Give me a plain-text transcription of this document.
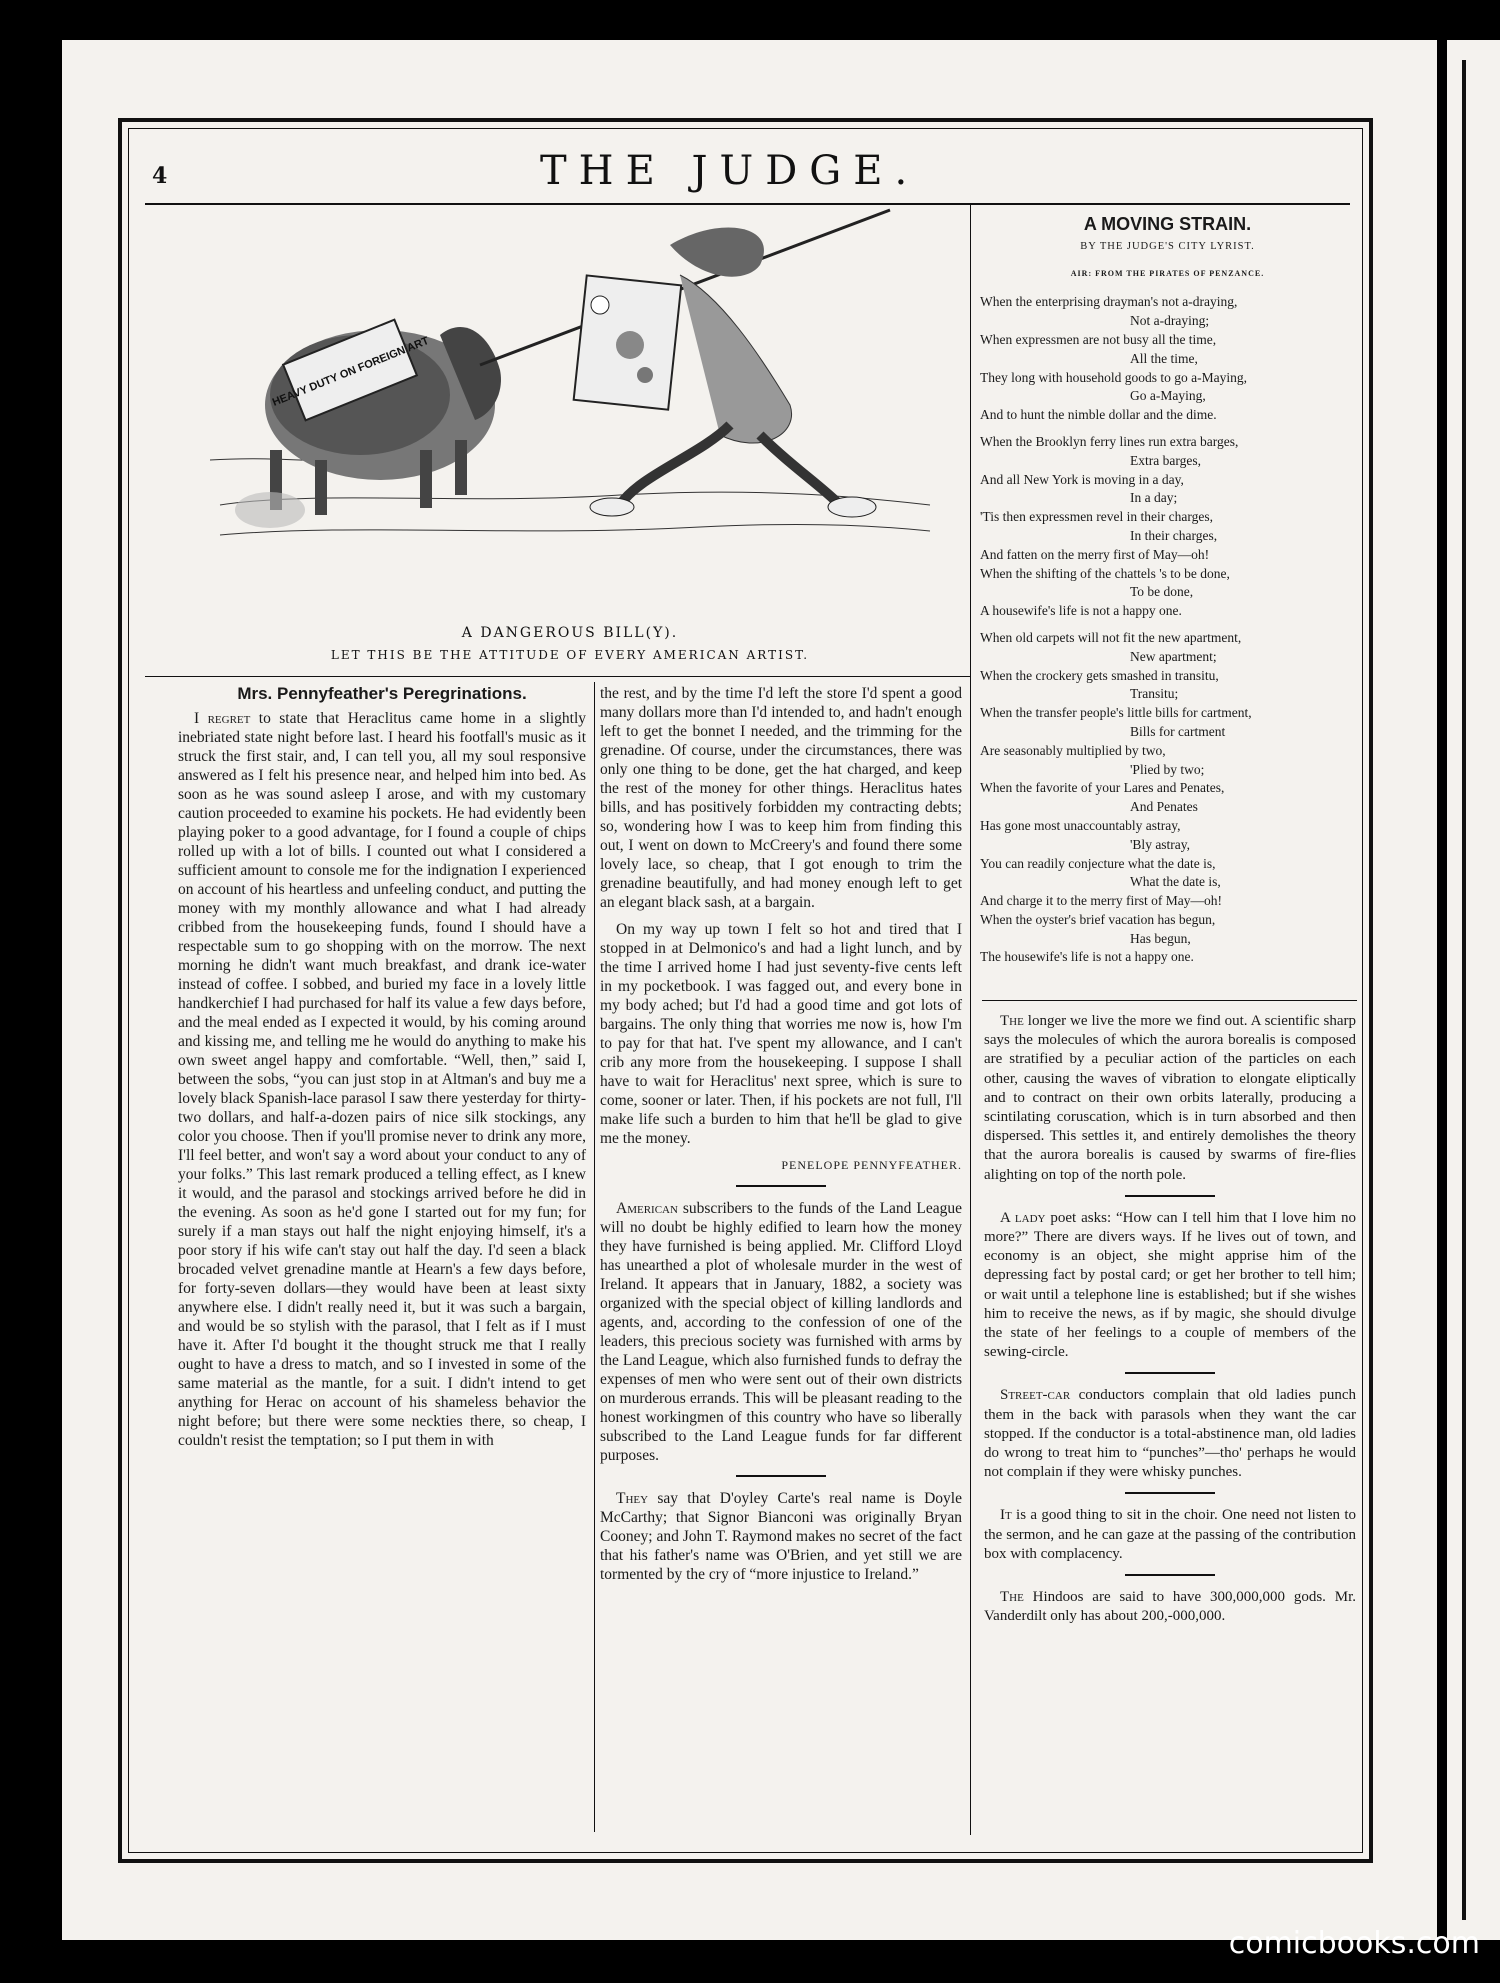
4	THE JUDGE.
HEAVY DUTY ON FOREIGN ART
A DANGEROUS BILL(Y).
LET THIS BE THE ATTITUDE OF EVERY AMERICAN ARTIST.
Mrs. Pennyfeather's Peregrinations.

I regret to state that Heraclitus came home in a slightly inebriated state night before last. I heard his footfall's music as it struck the first stair, and, I can tell you, all my soul responsive answered as I felt his presence near, and helped him into bed. As soon as he was sound asleep I arose, and with my customary caution proceeded to examine his pockets. He had evidently been playing poker to a good advantage, for I found a couple of chips rolled up with a lot of bills. I counted out what I considered a sufficient amount to console me for the indignation I experienced on account of his heartless and unfeeling conduct, and putting the money with my monthly allowance and what I had already cribbed from the housekeeping funds, found I should have a respectable sum to go shopping with on the morrow. The next morning he didn't want much breakfast, and drank ice-water instead of coffee. I sobbed, and buried my face in a lovely little handkerchief I had purchased for half its value a few days before, and the meal ended as I expected it would, by his coming around and kissing me, and telling me he would do anything to make his own sweet angel happy and comfortable. “Well, then,” said I, between the sobs, “you can just stop in at Altman's and buy me a lovely black Spanish-lace parasol I saw there yesterday for thirty-two dollars, and half-a-dozen pairs of nice silk stockings, any color you choose. Then if you'll promise never to drink any more, I'll feel better, and won't say a word about your conduct to any of your folks.” This last remark produced a telling effect, as I knew it would, and the parasol and stockings arrived before he did in the evening. As soon as he'd gone I started out for my fun; for surely if a man stays out half the night enjoying himself, it's a poor story if his wife can't stay out half the day. I'd seen a black brocaded velvet grenadine mantle at Hearn's a few days before, for forty-seven dollars—they would have been at least sixty anywhere else. I didn't really need it, but it was such a bargain, and would be so stylish with the parasol, that I felt as if I must have it. After I'd bought it the thought struck me that I really ought to have a dress to match, and so I invested in some of the same material as the mantle, for a suit. I didn't intend to get anything for Herac on account of his shameless behavior the night before; but there were some neckties there, so cheap, I couldn't resist the temptation; so I put them in with

the rest, and by the time I'd left the store I'd spent a good many dollars more than I'd intended to, and hadn't enough left to get the bonnet I needed, and the trimming for the grenadine. Of course, under the circumstances, there was only one thing to be done, get the hat charged, and keep the rest of the money for other things. Heraclitus hates bills, and has positively forbidden my contracting debts; so, wondering how I was to keep him from finding this out, I went on down to McCreery's and found there some lovely lace, so cheap, that I got enough to trim the grenadine beautifully, and had money enough left to get an elegant black sash, at a bargain.

On my way up town I felt so hot and tired that I stopped in at Delmonico's and had a light lunch, and by the time I arrived home I had just seventy-five cents left in my pocketbook. I was fagged out, and every bone in my body ached; but I'd had a good time and got lots of bargains. The only thing that worries me now is, how I'm to pay for that hat. I've spent my allowance, and I can't crib any more from the housekeeping. I suppose I shall have to wait for Heraclitus' next spree, which is sure to come, sooner or later. Then, if his pockets are not full, I'll make life such a burden to him that he'll be glad to give me the money.

PENELOPE PENNYFEATHER.

American subscribers to the funds of the Land League will no doubt be highly edified to learn how the money they have furnished is being applied. Mr. Clifford Lloyd has unearthed a plot of wholesale murder in the west of Ireland. It appears that in January, 1882, a society was organized with the special object of killing landlords and agents, and, according to the confession of one of the leaders, this precious society was furnished with arms by the Land League, which also furnished funds to defray the expenses of men who were sent out of their own districts on murderous errands. This will be pleasant reading to the honest workingmen of this country who have so liberally subscribed to the Land League funds for far different purposes.

They say that D'oyley Carte's real name is Doyle McCarthy; that Signor Bianconi was originally Bryan Cooney; and John T. Raymond makes no secret of the fact that his father's name was O'Brien, and yet still we are tormented by the cry of “more injustice to Ireland.”

A MOVING STRAIN.
BY THE JUDGE'S CITY LYRIST.
AIR: FROM THE PIRATES OF PENZANCE.
When the enterprising drayman's not a-draying,
Not a-draying;
When expressmen are not busy all the time,
All the time,
They long with household goods to go a-Maying,
Go a-Maying,
And to hunt the nimble dollar and the dime.
When the Brooklyn ferry lines run extra barges,
Extra barges,
And all New York is moving in a day,
In a day;
'Tis then expressmen revel in their charges,
In their charges,
And fatten on the merry first of May—oh!
When the shifting of the chattels 's to be done,
To be done,
A housewife's life is not a happy one.
When old carpets will not fit the new apartment,
New apartment;
When the crockery gets smashed in transitu,
Transitu;
When the transfer people's little bills for cartment,
Bills for cartment
Are seasonably multiplied by two,
'Plied by two;
When the favorite of your Lares and Penates,
And Penates
Has gone most unaccountably astray,
'Bly astray,
You can readily conjecture what the date is,
What the date is,
And charge it to the merry first of May—oh!
When the oyster's brief vacation has begun,
Has begun,
The housewife's life is not a happy one.

The longer we live the more we find out. A scientific sharp says the molecules of which the aurora borealis is composed are stratified by a peculiar action of the particles on each other, causing the waves of vibration to elongate eliptically and to contract on their own orbits laterally, producing a scintilating coruscation, which is in turn absorbed and then dispersed. This settles it, and entirely demolishes the theory that the aurora borealis is caused by swarms of fire-flies alighting on top of the north pole.

A lady poet asks: “How can I tell him that I love him no more?” There are divers ways. If he lives out of town, and economy is an object, she might apprise him of the depressing fact by postal card; or get her brother to tell him; or wait until a telephone line is established; but if she wishes him to receive the news, as if by magic, she should divulge the state of her feelings to a couple of members of the sewing-circle.

Street-car conductors complain that old ladies punch them in the back with parasols when they want the car stopped. If the conductor is a total-abstinence man, old ladies do wrong to treat him to “punches”—tho' perhaps he would not complain if they were whisky punches.

It is a good thing to sit in the choir. One need not listen to the sermon, and he can gaze at the passing of the contribution box with complacency.

The Hindoos are said to have 300,000,000 gods. Mr. Vanderdilt only has about 200,-000,000.

comicbooks.com
